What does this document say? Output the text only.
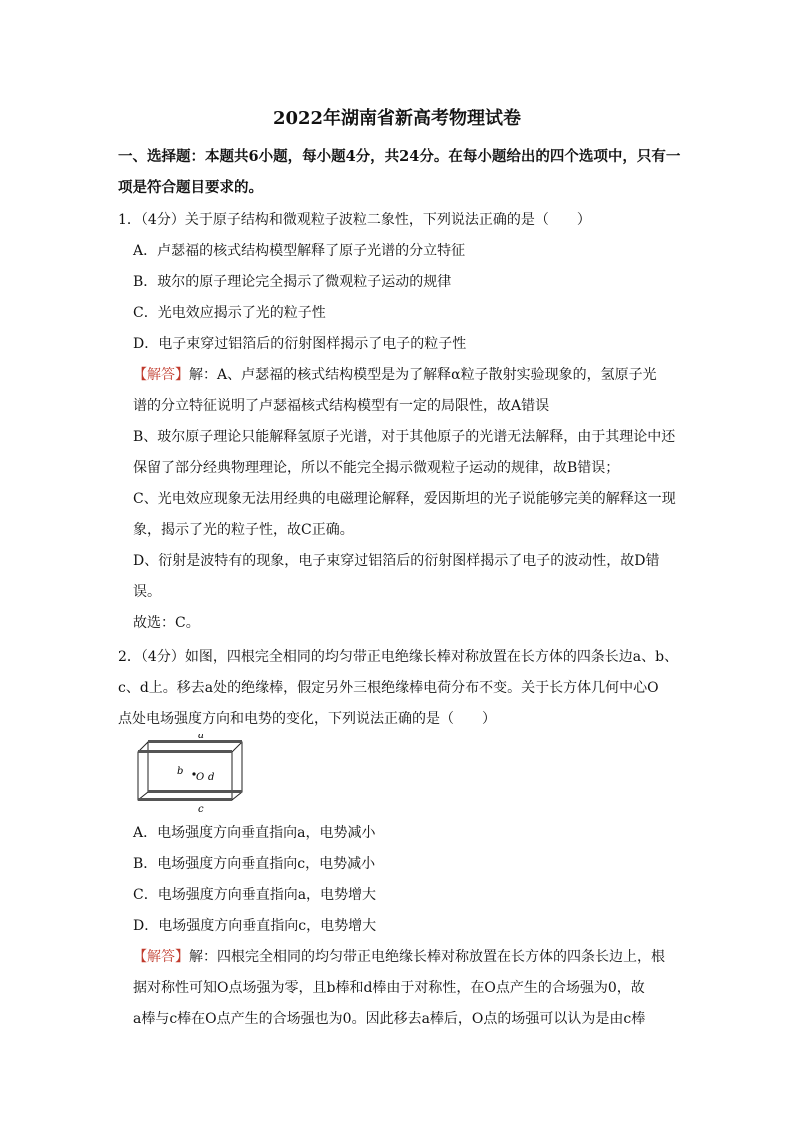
2022年湖南省新高考物理试卷
一、选择题：本题共6小题，每小题4分，共24分。在每小题给出的四个选项中，只有一
项是符合题目要求的。
1．（4分）关于原子结构和微观粒子波粒二象性，下列说法正确的是（　　）
A．卢瑟福的核式结构模型解释了原子光谱的分立特征
B．玻尔的原子理论完全揭示了微观粒子运动的规律
C．光电效应揭示了光的粒子性
D．电子束穿过铝箔后的衍射图样揭示了电子的粒子性
【解答】解：A、卢瑟福的核式结构模型是为了解释α粒子散射实验现象的，氢原子光
谱的分立特征说明了卢瑟福核式结构模型有一定的局限性，故A错误
B、玻尔原子理论只能解释氢原子光谱，对于其他原子的光谱无法解释，由于其理论中还
保留了部分经典物理理论，所以不能完全揭示微观粒子运动的规律，故B错误；
C、光电效应现象无法用经典的电磁理论解释，爱因斯坦的光子说能够完美的解释这一现
象，揭示了光的粒子性，故C正确。
D、衍射是波特有的现象，电子束穿过铝箔后的衍射图样揭示了电子的波动性，故D错
误。
故选：C。
2．（4分）如图，四根完全相同的均匀带正电绝缘长棒对称放置在长方体的四条长边a、b、
c、d上。移去a处的绝缘棒，假定另外三根绝缘棒电荷分布不变。关于长方体几何中心O
点处电场强度方向和电势的变化，下列说法正确的是（　　）
a
b
O d
c
A．电场强度方向垂直指向a，电势减小
B．电场强度方向垂直指向c，电势减小
C．电场强度方向垂直指向a，电势增大
D．电场强度方向垂直指向c，电势增大
【解答】解：四根完全相同的均匀带正电绝缘长棒对称放置在长方体的四条长边上，根
据对称性可知O点场强为零，且b棒和d棒由于对称性，在O点产生的合场强为0，故
a棒与c棒在O点产生的合场强也为0。因此移去a棒后，O点的场强可以认为是由c棒
